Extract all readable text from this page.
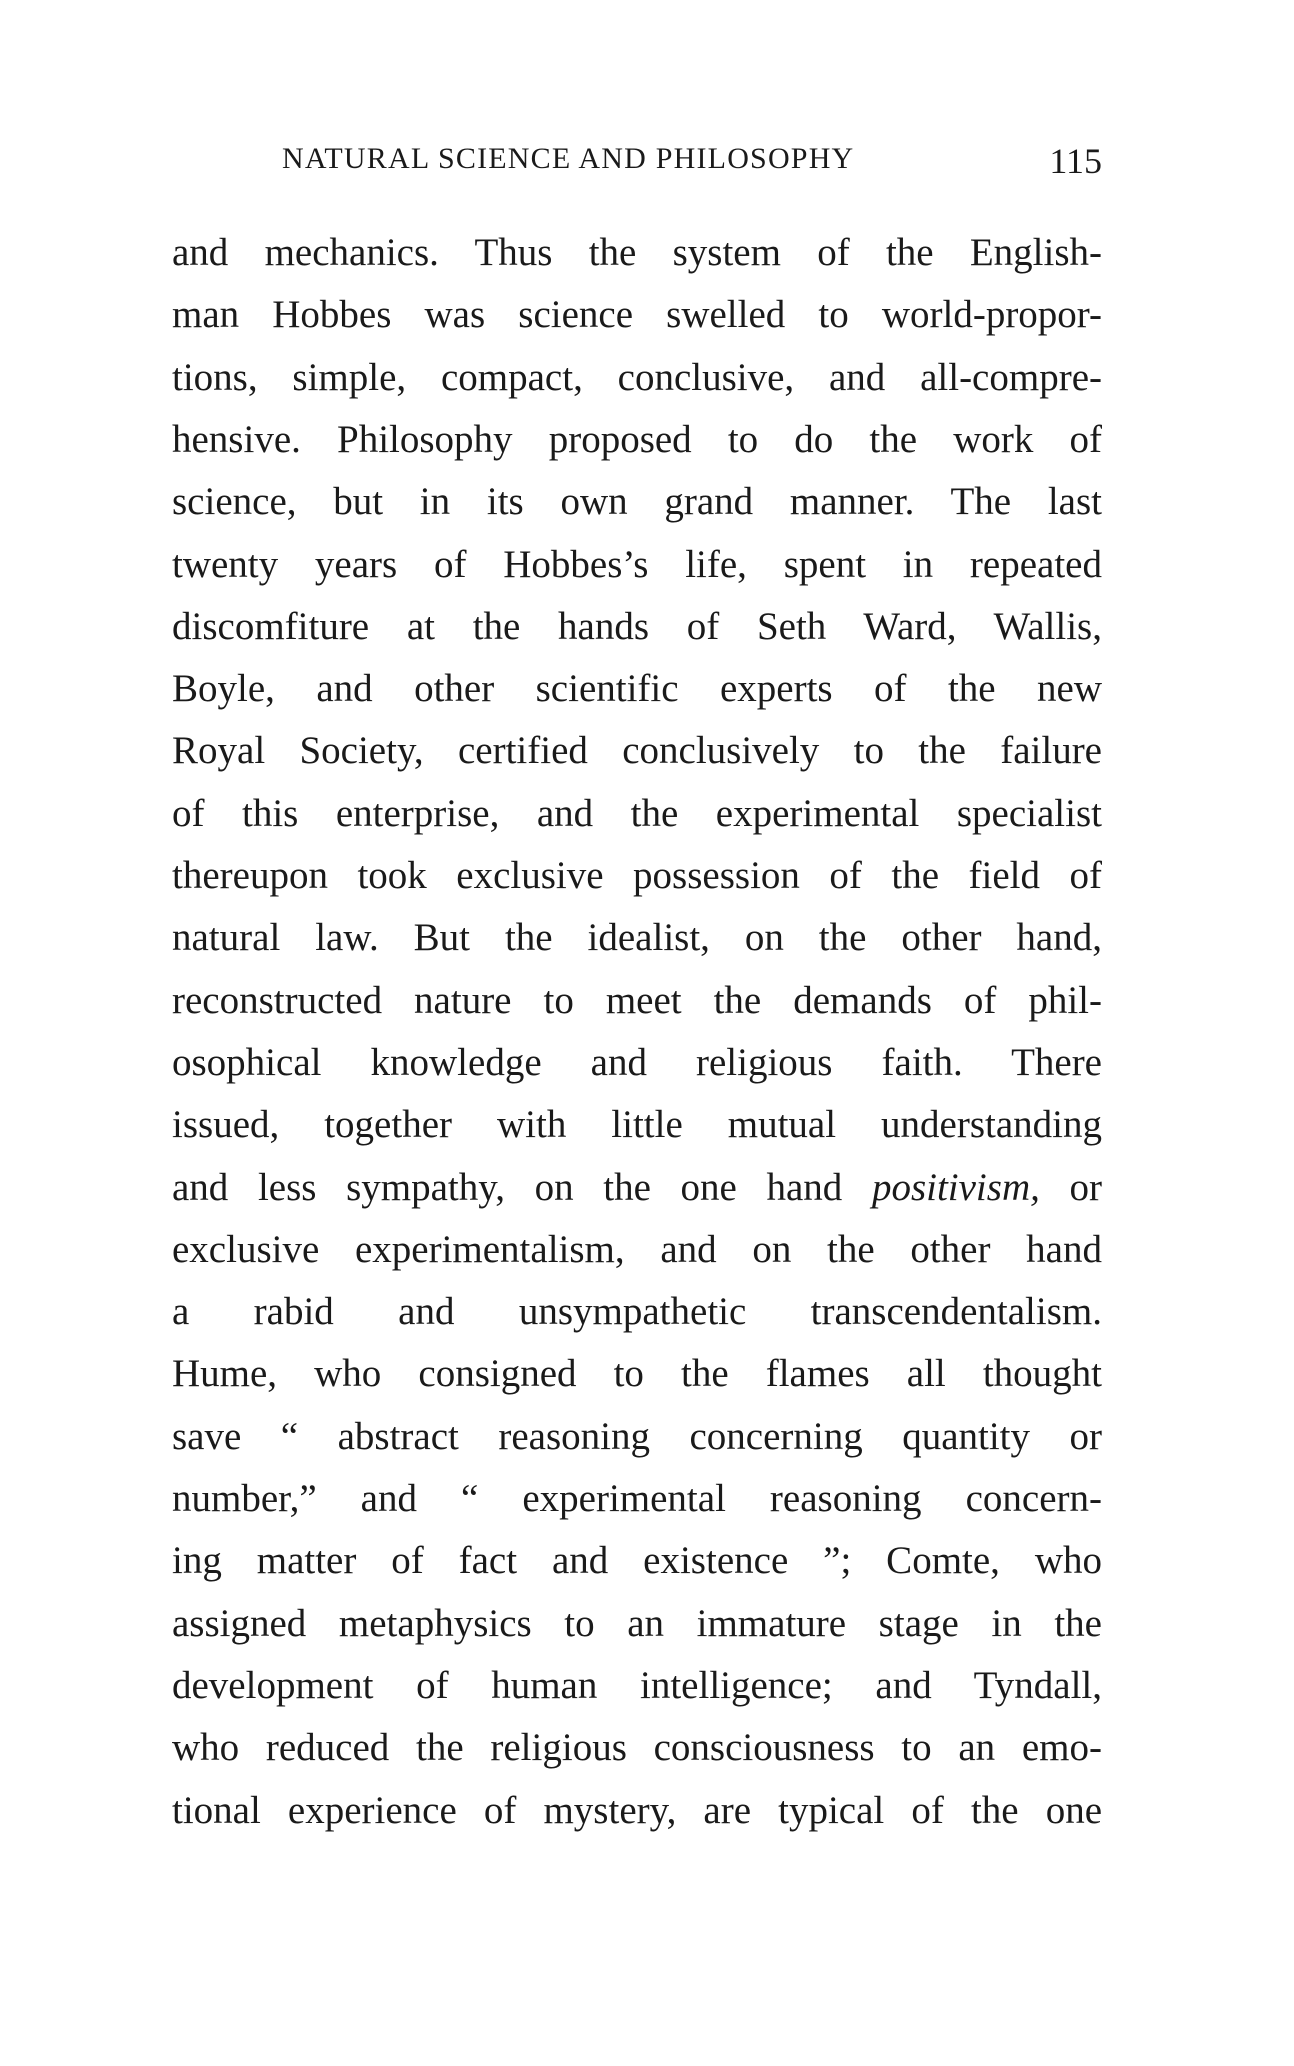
NATURAL SCIENCE AND PHILOSOPHY	115
and mechanics. Thus the system of the English-
man Hobbes was science swelled to world-propor-
tions, simple, compact, conclusive, and all-compre-
hensive. Philosophy proposed to do the work of
science, but in its own grand manner. The last
twenty years of Hobbes’s life, spent in repeated
discomfiture at the hands of Seth Ward, Wallis,
Boyle, and other scientific experts of the new
Royal Society, certified conclusively to the failure
of this enterprise, and the experimental specialist
thereupon took exclusive possession of the field of
natural law. But the idealist, on the other hand,
reconstructed nature to meet the demands of phil-
osophical knowledge and religious faith. There
issued, together with little mutual understanding
and less sympathy, on the one hand positivism, or
exclusive experimentalism, and on the other hand
a rabid and unsympathetic transcendentalism.
Hume, who consigned to the flames all thought
save “ abstract reasoning concerning quantity or
number,” and “ experimental reasoning concern-
ing matter of fact and existence ”; Comte, who
assigned metaphysics to an immature stage in the
development of human intelligence; and Tyndall,
who reduced the religious consciousness to an emo-
tional experience of mystery, are typical of the one
